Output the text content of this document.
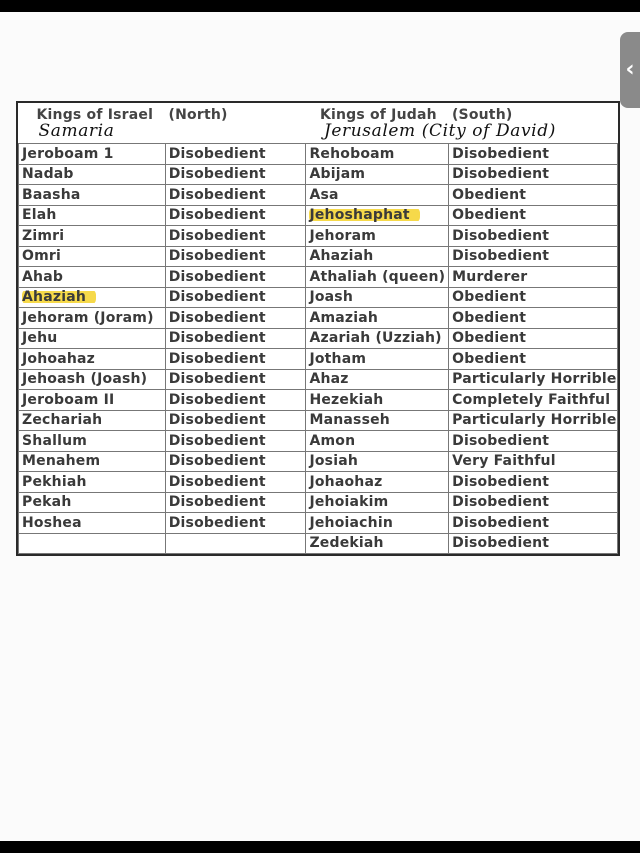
‹
Kings of Israel (North)
Samaria		Kings of Judah (South)
Jerusalem (City of David)	

Jeroboam 1	Disobedient	Rehoboam	Disobedient
Nadab	Disobedient	Abijam	Disobedient
Baasha	Disobedient	Asa	Obedient
Elah	Disobedient	Jehoshaphat	Obedient
Zimri	Disobedient	Jehoram	Disobedient
Omri	Disobedient	Ahaziah	Disobedient
Ahab	Disobedient	Athaliah (queen)	Murderer
Ahaziah	Disobedient	Joash	Obedient
Jehoram (Joram)	Disobedient	Amaziah	Obedient
Jehu	Disobedient	Azariah (Uzziah)	Obedient
Johoahaz	Disobedient	Jotham	Obedient
Jehoash (Joash)	Disobedient	Ahaz	Particularly Horrible
Jeroboam II	Disobedient	Hezekiah	Completely Faithful
Zechariah	Disobedient	Manasseh	Particularly Horrible
Shallum	Disobedient	Amon	Disobedient
Menahem	Disobedient	Josiah	Very Faithful
Pekhiah	Disobedient	Johaohaz	Disobedient
Pekah	Disobedient	Jehoiakim	Disobedient
Hoshea	Disobedient	Jehoiachin	Disobedient
		Zedekiah	Disobedient
